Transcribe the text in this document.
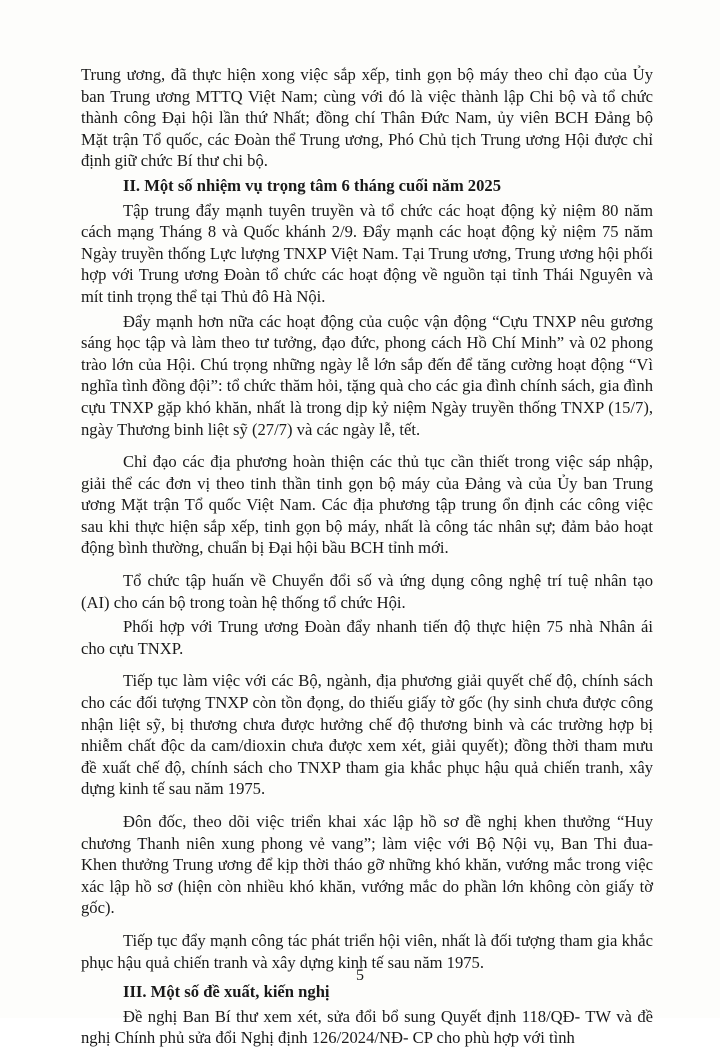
Trung ương, đã thực hiện xong việc sắp xếp, tinh gọn bộ máy theo chỉ đạo của Ủy ban Trung ương MTTQ Việt Nam; cùng với đó là việc thành lập Chi bộ và tổ chức thành công Đại hội lần thứ Nhất; đồng chí Thân Đức Nam, ủy viên BCH Đảng bộ Mặt trận Tổ quốc, các Đoàn thể Trung ương, Phó Chủ tịch Trung ương Hội được chỉ định giữ chức Bí thư chi bộ.

II. Một số nhiệm vụ trọng tâm 6 tháng cuối năm 2025

Tập trung đẩy mạnh tuyên truyền và tổ chức các hoạt động kỷ niệm 80 năm cách mạng Tháng 8 và Quốc khánh 2/9. Đẩy mạnh các hoạt động kỷ niệm 75 năm Ngày truyền thống Lực lượng TNXP Việt Nam. Tại Trung ương, Trung ương hội phối hợp với Trung ương Đoàn tổ chức các hoạt động về nguồn tại tỉnh Thái Nguyên và mít tinh trọng thể tại Thủ đô Hà Nội.

Đẩy mạnh hơn nữa các hoạt động của cuộc vận động “Cựu TNXP nêu gương sáng học tập và làm theo tư tưởng, đạo đức, phong cách Hồ Chí Minh” và 02 phong trào lớn của Hội. Chú trọng những ngày lễ lớn sắp đến để tăng cường hoạt động “Vì nghĩa tình đồng đội”: tổ chức thăm hỏi, tặng quà cho các gia đình chính sách, gia đình cựu TNXP gặp khó khăn, nhất là trong dịp kỷ niệm Ngày truyền thống TNXP (15/7), ngày Thương binh liệt sỹ (27/7) và các ngày lễ, tết.

Chỉ đạo các địa phương hoàn thiện các thủ tục cần thiết trong việc sáp nhập, giải thể các đơn vị theo tinh thần tinh gọn bộ máy của Đảng và của Ủy ban Trung ương Mặt trận Tổ quốc Việt Nam. Các địa phương tập trung ổn định các công việc sau khi thực hiện sắp xếp, tinh gọn bộ máy, nhất là công tác nhân sự; đảm bảo hoạt động bình thường, chuẩn bị Đại hội bầu BCH tỉnh mới.

Tổ chức tập huấn về Chuyển đổi số và ứng dụng công nghệ trí tuệ nhân tạo (AI) cho cán bộ trong toàn hệ thống tổ chức Hội.

Phối hợp với Trung ương Đoàn đẩy nhanh tiến độ thực hiện 75 nhà Nhân ái cho cựu TNXP.

Tiếp tục làm việc với các Bộ, ngành, địa phương giải quyết chế độ, chính sách cho các đối tượng TNXP còn tồn đọng, do thiếu giấy tờ gốc (hy sinh chưa được công nhận liệt sỹ, bị thương chưa được hưởng chế độ thương binh và các trường hợp bị nhiễm chất độc da cam/dioxin chưa được xem xét, giải quyết); đồng thời tham mưu đề xuất chế độ, chính sách cho TNXP tham gia khắc phục hậu quả chiến tranh, xây dựng kinh tế sau năm 1975.

Đôn đốc, theo dõi việc triển khai xác lập hồ sơ đề nghị khen thưởng “Huy chương Thanh niên xung phong vẻ vang”; làm việc với Bộ Nội vụ, Ban Thi đua- Khen thưởng Trung ương để kịp thời tháo gỡ những khó khăn, vướng mắc trong việc xác lập hồ sơ (hiện còn nhiều khó khăn, vướng mắc do phần lớn không còn giấy tờ gốc).

Tiếp tục đẩy mạnh công tác phát triển hội viên, nhất là đối tượng tham gia khắc phục hậu quả chiến tranh và xây dựng kinh tế sau năm 1975.

III. Một số đề xuất, kiến nghị

Đề nghị Ban Bí thư xem xét, sửa đổi bổ sung Quyết định 118/QĐ- TW và đề nghị Chính phủ sửa đổi Nghị định 126/2024/NĐ- CP cho phù hợp với tình

5
